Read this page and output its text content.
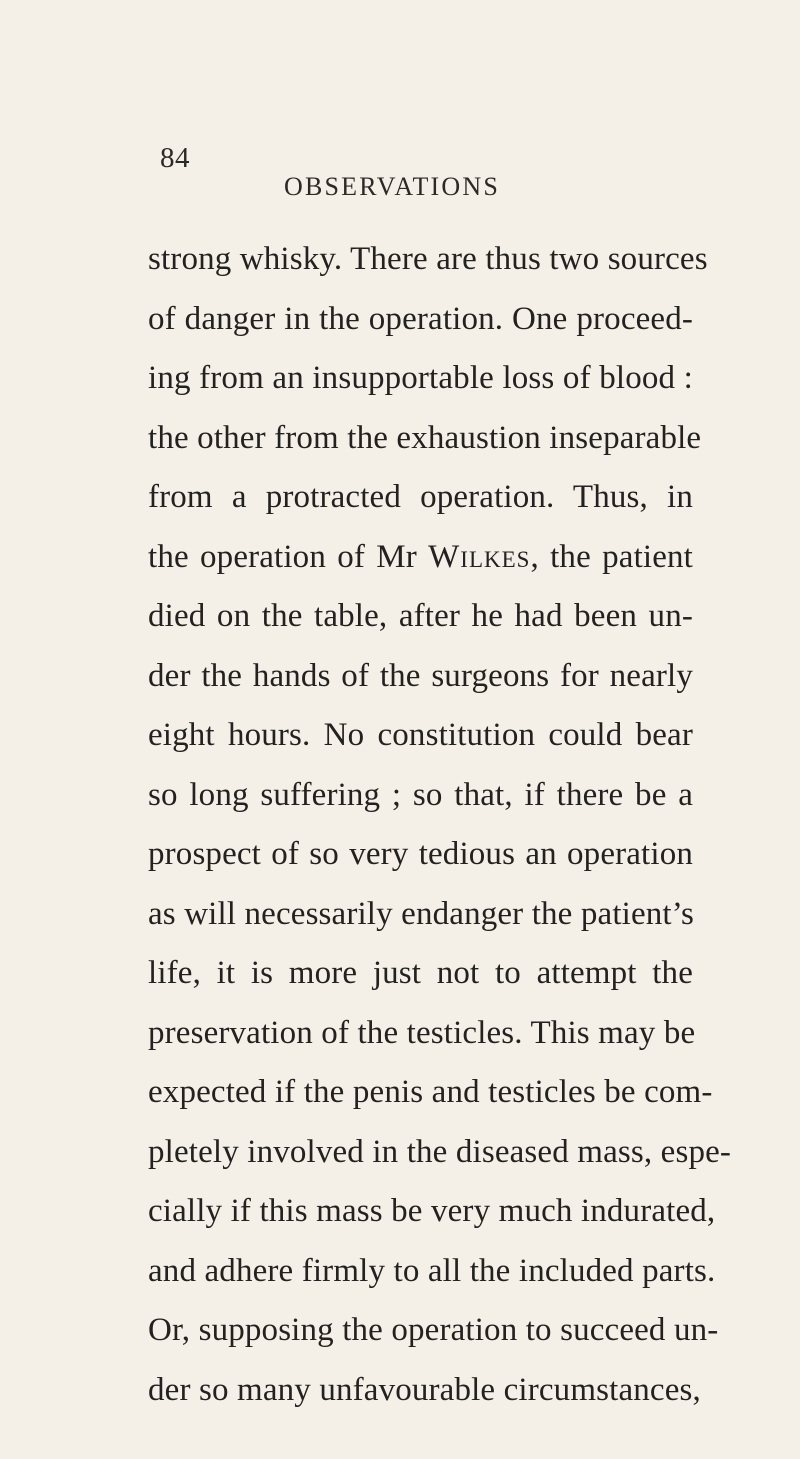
84
OBSERVATIONS
strong whisky. There are thus two sources
of danger in the operation. One proceed-
ing from an insupportable loss of blood :
the other from the exhaustion inseparable
from a protracted operation. Thus, in
the operation of Mr Wilkes, the patient
died on the table, after he had been un-
der the hands of the surgeons for nearly
eight hours. No constitution could bear
so long suffering ; so that, if there be a
prospect of so very tedious an operation
as will necessarily endanger the patient’s
life, it is more just not to attempt the
preservation of the testicles. This may be
expected if the penis and testicles be com-
pletely involved in the diseased mass, espe-
cially if this mass be very much indurated,
and adhere firmly to all the included parts.
Or, supposing the operation to succeed un-
der so many unfavourable circumstances,
